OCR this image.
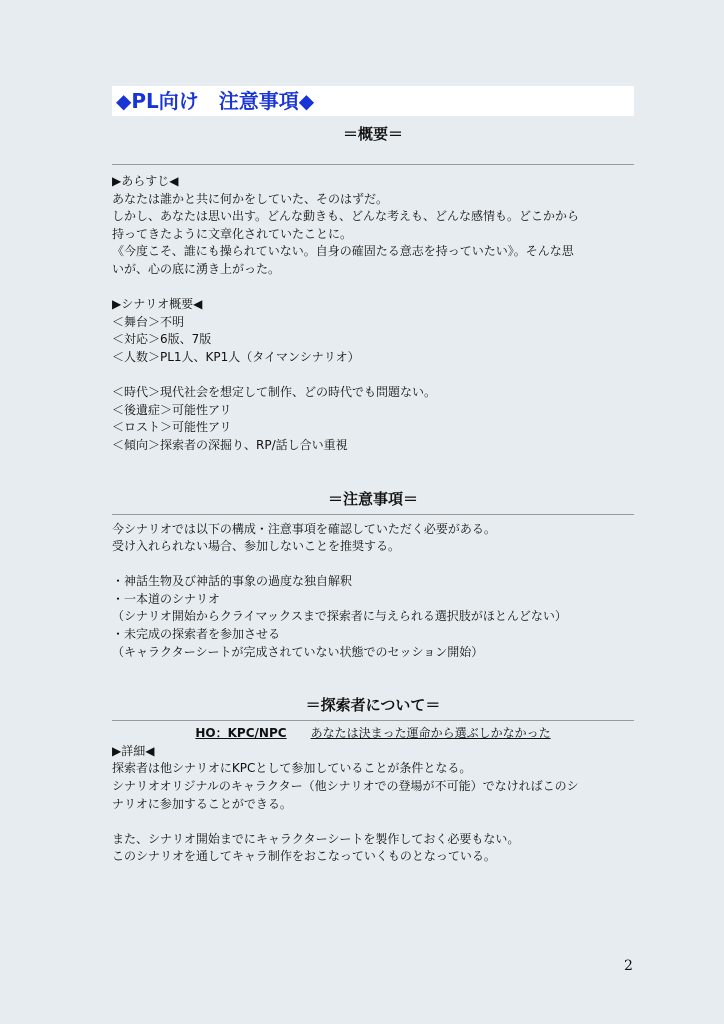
◆PL向け　注意事項◆
＝概要＝

▶あらすじ◀

あなたは誰かと共に何かをしていた、そのはずだ。

しかし、あなたは思い出す。どんな動きも、どんな考えも、どんな感情も。どこかから

持ってきたように文章化されていたことに。

《今度こそ、誰にも操られていない。自身の確固たる意志を持っていたい》。そんな思

いが、心の底に湧き上がった。

▶シナリオ概要◀

＜舞台＞不明

＜対応＞6版、7版

＜人数＞PL1人、KP1人（タイマンシナリオ）

＜時代＞現代社会を想定して制作、どの時代でも問題ない。

＜後遺症＞可能性アリ

＜ロスト＞可能性アリ

＜傾向＞探索者の深掘り、RP/話し合い重視

＝注意事項＝

今シナリオでは以下の構成・注意事項を確認していただく必要がある。

受け入れられない場合、参加しないことを推奨する。

・神話生物及び神話的事象の過度な独自解釈

・一本道のシナリオ

（シナリオ開始からクライマックスまで探索者に与えられる選択肢がほとんどない）

・未完成の探索者を参加させる

（キャラクターシートが完成されていない状態でのセッション開始）

＝探索者について＝
HO：KPC/NPC あなたは決まった運命から選ぶしかなかった

▶詳細◀

探索者は他シナリオにKPCとして参加していることが条件となる。

シナリオオリジナルのキャラクター（他シナリオでの登場が不可能）でなければこのシ

ナリオに参加することができる。

また、シナリオ開始までにキャラクターシートを製作しておく必要もない。

このシナリオを通してキャラ制作をおこなっていくものとなっている。

2
